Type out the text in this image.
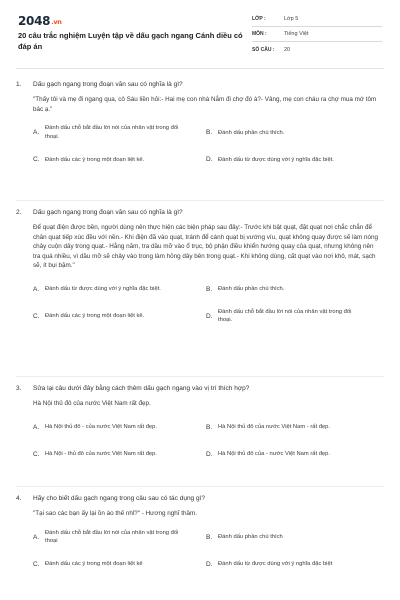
2048.vn
20 câu trắc nghiệm Luyện tập về dấu gạch ngang Cánh diều có đáp án
LỚP :	Lớp 5
MÔN :	Tiếng Việt
SỐ CÂU :	20
1.	Dấu gạch ngang trong đoạn văn sau có nghĩa là gì?
"Thấy tôi và mẹ đi ngang qua, cô Sáu liền hỏi:- Hai mẹ con nhà Nắm đi chợ đó à?- Vâng, mẹ con cháu ra chợ mua mớ tôm bác ạ."
A.
Đánh dấu chỗ bắt đầu lời nói của nhân vật trong đối thoại.
B.	Đánh dấu phần chú thích.
C. Đánh dấu các ý trong một đoạn liệt kê.	D. Đánh dấu từ được dùng với ý nghĩa đặc biệt.
2.	Dấu gạch ngang trong đoạn văn sau có nghĩa là gì?
Để quạt điện được bền, người dùng nên thực hiện các biện pháp sau đây:- Trước khi bật quạt, đặt quạt nơi chắc chắn để chân quạt tiếp xúc đều với nền.- Khi điện đã vào quạt, tránh để cánh quạt bị vướng víu, quạt không quay được sẽ làm nóng chảy cuộn dây trong quạt.- Hằng năm, tra dầu mỡ vào ổ trục, bộ phận điều khiển hướng quay của quạt, nhưng không nên tra quá nhiều, vì dầu mỡ sẽ chảy vào trong làm hỏng dây bên trong quạt.- Khi không dùng, cất quạt vào nơi khô, mát, sạch sẽ, ít bụi bặm."
A.	Đánh dấu từ được dùng với ý nghĩa đặc biệt.	B.	Đánh dấu phần chú thích.
C. Đánh dấu các ý trong một đoạn liệt kê.	D.
Đánh dấu chỗ bắt đầu lời nói của nhân vật trong đối thoại.
3.	Sửa lại câu dưới đây bằng cách thêm dấu gạch ngang vào vị trí thích hợp?
Hà Nội thủ đô của nước Việt Nam rất đẹp.
A.	Hà Nội thủ đô - của nước Việt Nam rất đẹp.	B.	Hà Nội thủ đô của nước Việt Nam - rất đẹp.
C. Hà Nội - thủ đô của nước Việt Nam rất đẹp.	D. Hà Nội thủ đô của - nước Việt Nam rất đẹp.
4.	Hãy cho biết dấu gạch ngang trong câu sau có tác dụng gì?
"Tại sao các bạn ấy lại ồn ào thế nhỉ?" - Hương nghĩ thầm.
A.
Đánh dấu chỗ bắt đầu lời nói của nhân vật trong đối thoại
B.	Đánh dấu phần chú thích
C. Đánh dấu các ý trong một đoạn liệt kê	D. Đánh dấu từ được dùng với ý nghĩa đặc biệt
